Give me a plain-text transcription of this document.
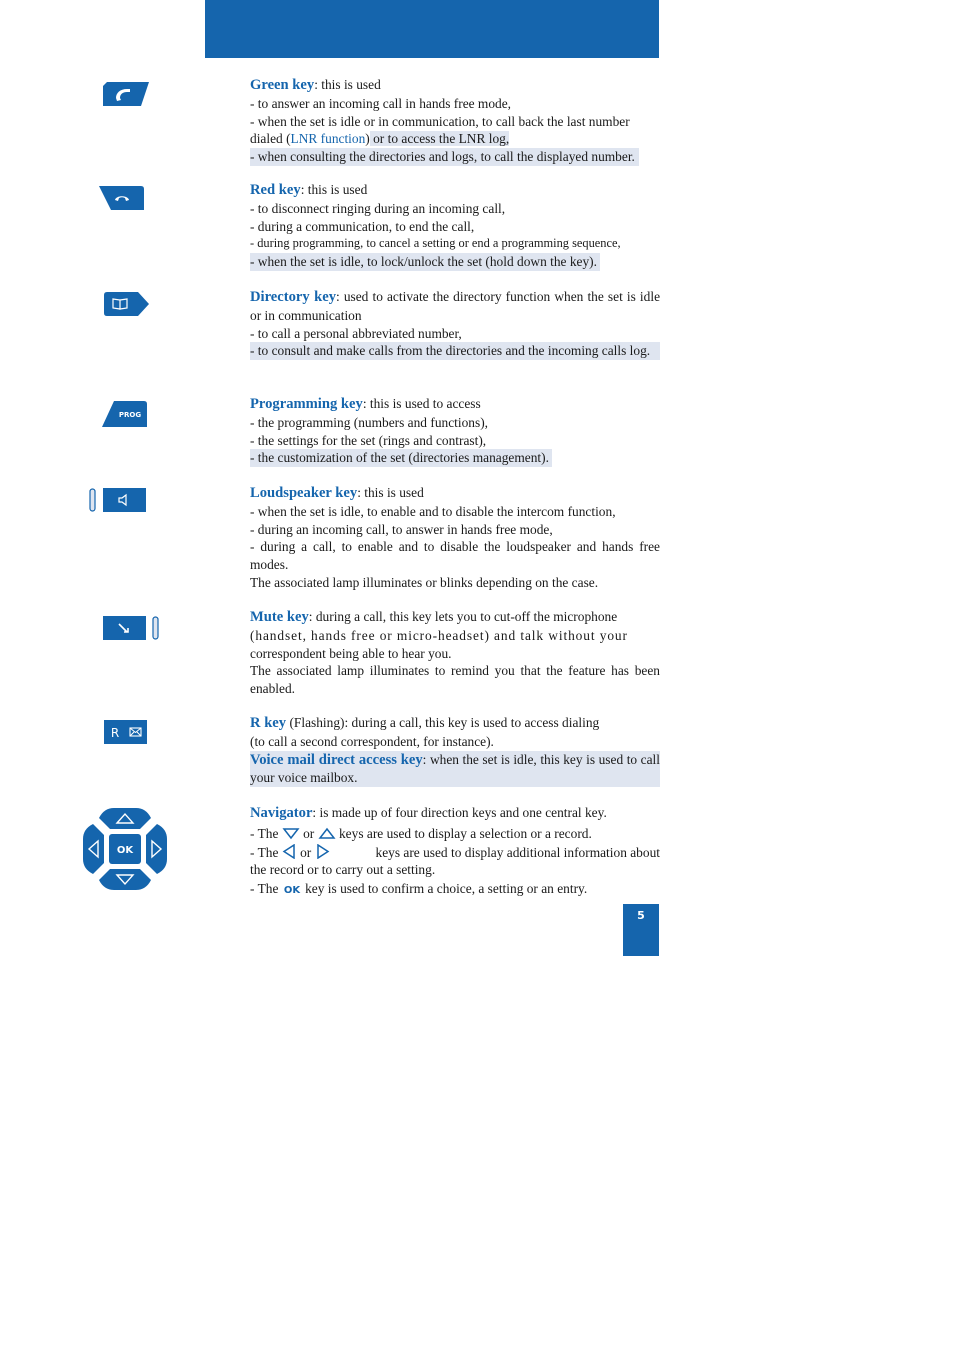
PROG
R
OK

Green key: this is used

- to answer an incoming call in hands free mode,

- when the set is idle or in communication, to call back the last number

dialed (LNR function) or to access the LNR log,

- when consulting the directories and logs, to call the displayed number.

Red key: this is used

- to disconnect ringing during an incoming call,

- during a communication, to end the call,

- during programming, to cancel a setting or end a programming sequence,

- when the set is idle, to lock/unlock the set (hold down the key).

Directory key: used to activate the directory function when the set is idle or in communication

- to call a personal abbreviated number,

- to consult and make calls from the directories and the incoming calls log.

Programming key: this is used to access

- the programming (numbers and functions),

- the settings for the set (rings and contrast),

- the customization of the set (directories management).

Loudspeaker key: this is used

- when the set is idle, to enable and to disable the intercom function,

- during an incoming call, to answer in hands free mode,

- during a call, to enable and to disable the loudspeaker and hands free modes.

The associated lamp illuminates or blinks depending on the case.

Mute key: during a call, this key lets you to cut-off the microphone

(handset, hands free or micro-headset) and talk without your

correspondent being able to hear you.

The associated lamp illuminates to remind you that the feature has been enabled.

R key (Flashing): during a call, this key is used to access dialing

(to call a second correspondent, for instance).

Voice mail direct access key: when the set is idle, this key is used to call your voice mailbox.

Navigator: is made up of four direction keys and one central key.

- The or keys are used to display a selection or a record.

- The or	keys are used to display additional information about

the record or to carry out a setting.

- The OK key is used to confirm a choice, a setting or an entry.

5
